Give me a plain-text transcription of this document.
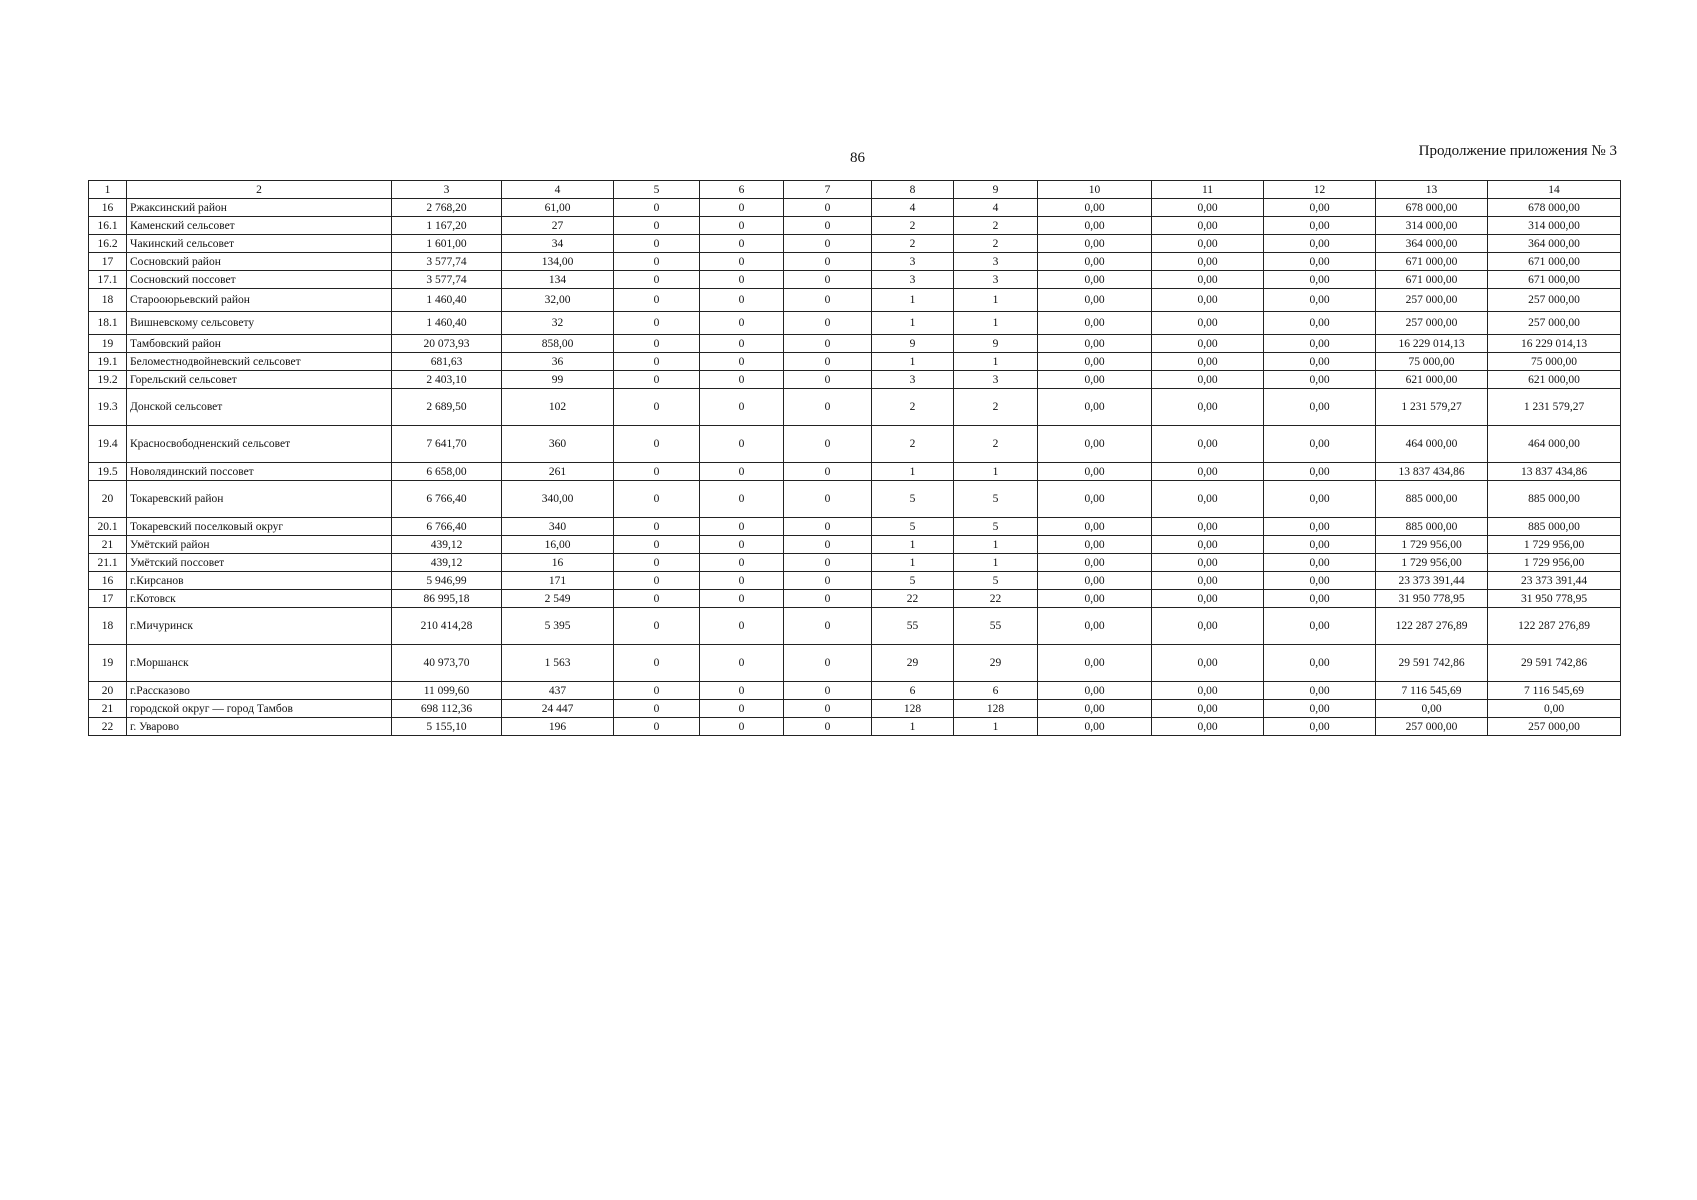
86	Продолжение приложения № 3
1	2	3	4	5	6	7	8	9	10	11	12	13	14
16	Ржаксинский район	2 768,20	61,00	0	0	0	4	4	0,00	0,00	0,00	678 000,00	678 000,00
16.1	Каменский сельсовет	1 167,20	27	0	0	0	2	2	0,00	0,00	0,00	314 000,00	314 000,00
16.2	Чакинский сельсовет	1 601,00	34	0	0	0	2	2	0,00	0,00	0,00	364 000,00	364 000,00
17	Сосновский район	3 577,74	134,00	0	0	0	3	3	0,00	0,00	0,00	671 000,00	671 000,00
17.1	Сосновский поссовет	3 577,74	134	0	0	0	3	3	0,00	0,00	0,00	671 000,00	671 000,00
18	Старооюрьевский район	1 460,40	32,00	0	0	0	1	1	0,00	0,00	0,00	257 000,00	257 000,00
18.1	Вишневскому сельсовету	1 460,40	32	0	0	0	1	1	0,00	0,00	0,00	257 000,00	257 000,00
19	Тамбовский район	20 073,93	858,00	0	0	0	9	9	0,00	0,00	0,00	16 229 014,13	16 229 014,13
19.1	Беломестнодвойневский сельсовет	681,63	36	0	0	0	1	1	0,00	0,00	0,00	75 000,00	75 000,00
19.2	Горельский сельсовет	2 403,10	99	0	0	0	3	3	0,00	0,00	0,00	621 000,00	621 000,00
19.3	Донской сельсовет	2 689,50	102	0	0	0	2	2	0,00	0,00	0,00	1 231 579,27	1 231 579,27
19.4	Красносвободненский сельсовет	7 641,70	360	0	0	0	2	2	0,00	0,00	0,00	464 000,00	464 000,00
19.5	Новолядинский поссовет	6 658,00	261	0	0	0	1	1	0,00	0,00	0,00	13 837 434,86	13 837 434,86
20	Токаревский район	6 766,40	340,00	0	0	0	5	5	0,00	0,00	0,00	885 000,00	885 000,00
20.1	Токаревский поселковый округ	6 766,40	340	0	0	0	5	5	0,00	0,00	0,00	885 000,00	885 000,00
21	Умётский район	439,12	16,00	0	0	0	1	1	0,00	0,00	0,00	1 729 956,00	1 729 956,00
21.1	Умётский поссовет	439,12	16	0	0	0	1	1	0,00	0,00	0,00	1 729 956,00	1 729 956,00
16	г.Кирсанов	5 946,99	171	0	0	0	5	5	0,00	0,00	0,00	23 373 391,44	23 373 391,44
17	г.Котовск	86 995,18	2 549	0	0	0	22	22	0,00	0,00	0,00	31 950 778,95	31 950 778,95
18	г.Мичуринск	210 414,28	5 395	0	0	0	55	55	0,00	0,00	0,00	122 287 276,89	122 287 276,89
19	г.Моршанск	40 973,70	1 563	0	0	0	29	29	0,00	0,00	0,00	29 591 742,86	29 591 742,86
20	г.Рассказово	11 099,60	437	0	0	0	6	6	0,00	0,00	0,00	7 116 545,69	7 116 545,69
21	городской округ — город Тамбов	698 112,36	24 447	0	0	0	128	128	0,00	0,00	0,00	0,00	0,00
22	г. Уварово	5 155,10	196	0	0	0	1	1	0,00	0,00	0,00	257 000,00	257 000,00
